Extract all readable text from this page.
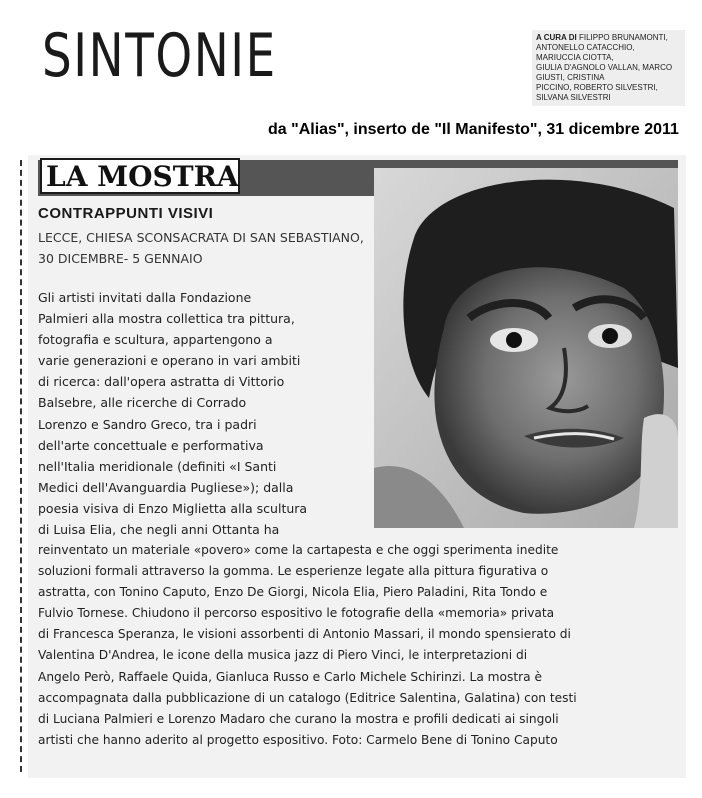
SINTONIE	A CURA DI FILIPPO BRUNAMONTI,
ANTONELLO CATACCHIO,
MARIUCCIA CIOTTA,
GIULIA D'AGNOLO VALLAN, MARCO
GIUSTI, CRISTINA
PICCINO, ROBERTO SILVESTRI,
SILVANA SILVESTRI
da "Alias", inserto de "Il Manifesto", 31 dicembre 2011
LA MOSTRA
CONTRAPPUNTI VISIVI
LECCE, CHIESA SCONSACRATA DI SAN SEBASTIANO,
30 DICEMBRE- 5 GENNAIO
Gli artisti invitati dalla Fondazione
Palmieri alla mostra collettica tra pittura,
fotografia e scultura, appartengono a
varie generazioni e operano in vari ambiti
di ricerca: dall'opera astratta di Vittorio
Balsebre, alle ricerche di Corrado
Lorenzo e Sandro Greco, tra i padri
dell'arte concettuale e performativa
nell'Italia meridionale (definiti «I Santi
Medici dell'Avanguardia Pugliese»); dalla
poesia visiva di Enzo Miglietta alla scultura
di Luisa Elia, che negli anni Ottanta ha
reinventato un materiale «povero» come la cartapesta e che oggi sperimenta inedite
soluzioni formali attraverso la gomma. Le esperienze legate alla pittura figurativa o
astratta, con Tonino Caputo, Enzo De Giorgi, Nicola Elia, Piero Paladini, Rita Tondo e
Fulvio Tornese. Chiudono il percorso espositivo le fotografie della «memoria» privata
di Francesca Speranza, le visioni assorbenti di Antonio Massari, il mondo spensierato di
Valentina D'Andrea, le icone della musica jazz di Piero Vinci, le interpretazioni di
Angelo Però, Raffaele Quida, Gianluca Russo e Carlo Michele Schirinzi. La mostra è
accompagnata dalla pubblicazione di un catalogo (Editrice Salentina, Galatina) con testi
di Luciana Palmieri e Lorenzo Madaro che curano la mostra e profili dedicati ai singoli
artisti che hanno aderito al progetto espositivo. Foto: Carmelo Bene di Tonino Caputo
